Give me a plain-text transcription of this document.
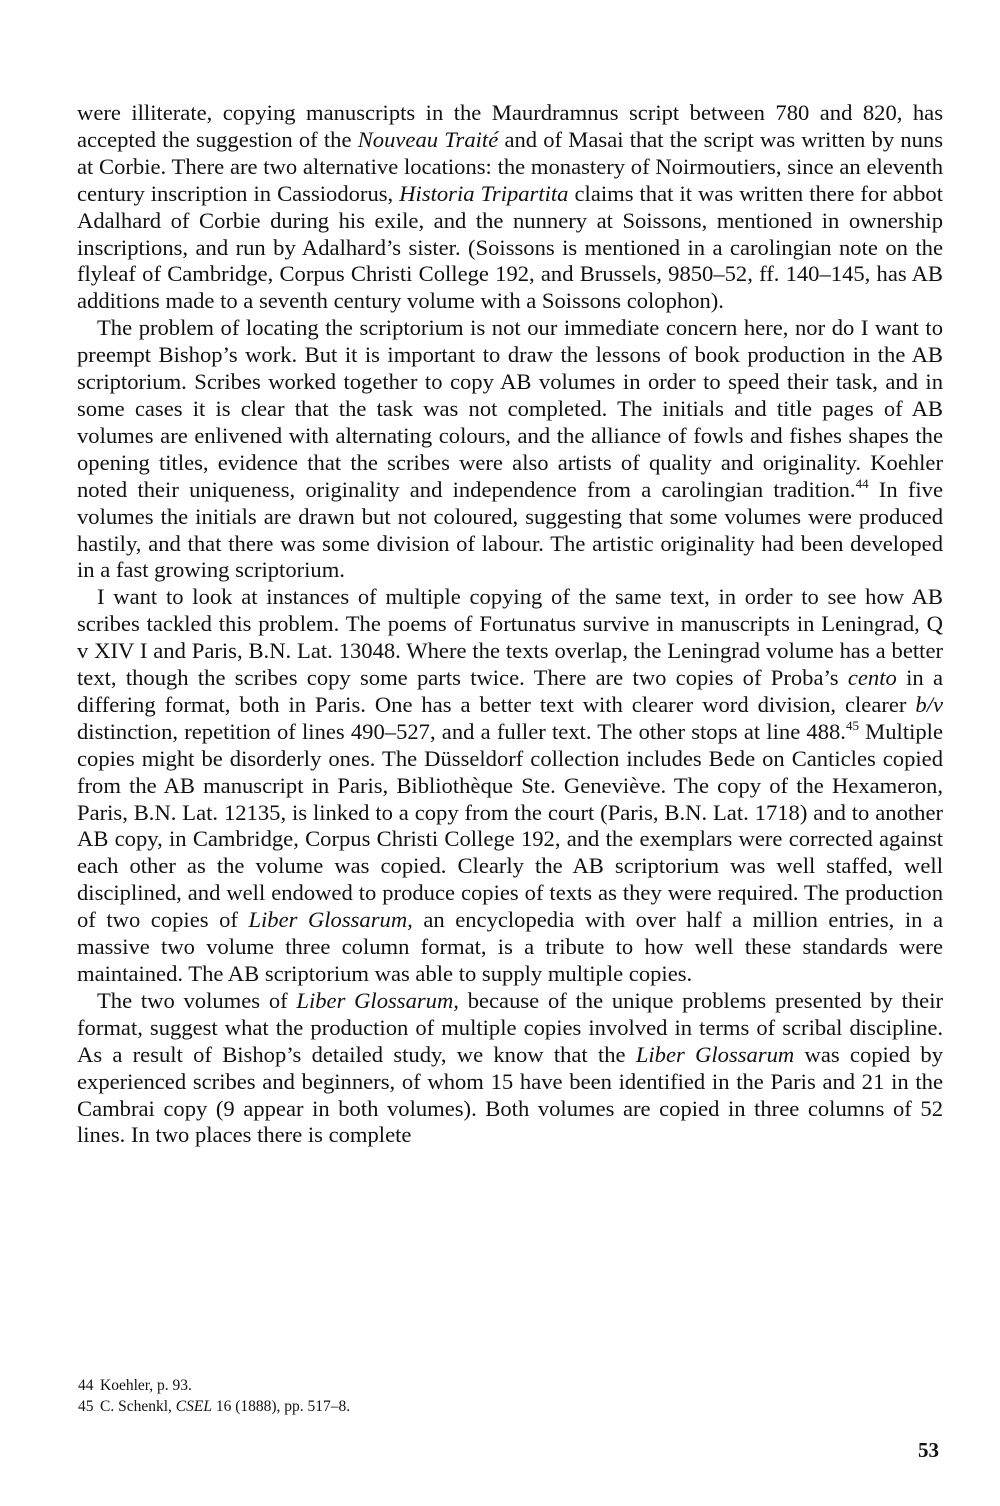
were illiterate, copying manuscripts in the Maurdramnus script between 780 and 820, has accepted the suggestion of the Nouveau Traité and of Masai that the script was written by nuns at Corbie. There are two alternative locations: the monastery of Noirmoutiers, since an eleventh century inscription in Cassiodorus, Historia Tripartita claims that it was written there for abbot Adalhard of Corbie during his exile, and the nunnery at Soissons, mentioned in ownership inscriptions, and run by Adalhard’s sister. (Soissons is mentioned in a carolingian note on the flyleaf of Cambridge, Corpus Christi College 192, and Brussels, 9850–52, ff. 140–145, has AB additions made to a seventh century volume with a Soissons colophon).

The problem of locating the scriptorium is not our immediate concern here, nor do I want to preempt Bishop’s work. But it is important to draw the lessons of book production in the AB scriptorium. Scribes worked together to copy AB volumes in order to speed their task, and in some cases it is clear that the task was not completed. The initials and title pages of AB volumes are enlivened with alternating colours, and the alliance of fowls and fishes shapes the opening titles, evidence that the scribes were also artists of quality and originality. Koehler noted their uniqueness, originality and independence from a carolingian tradition.$^{44}$ In five volumes the initials are drawn but not coloured, suggesting that some volumes were produced hastily, and that there was some division of labour. The artistic originality had been developed in a fast growing scriptorium.

I want to look at instances of multiple copying of the same text, in order to see how AB scribes tackled this problem. The poems of Fortunatus survive in manuscripts in Leningrad, Q v XIV I and Paris, B.N. Lat. 13048. Where the texts overlap, the Leningrad volume has a better text, though the scribes copy some parts twice. There are two copies of Proba’s cento in a differing format, both in Paris. One has a better text with clearer word division, clearer b/v distinction, repetition of lines 490–527, and a fuller text. The other stops at line 488.45 Multiple copies might be disorderly ones. The Düsseldorf collection includes Bede on Canticles copied from the AB manuscript in Paris, Bibliothèque Ste. Geneviève. The copy of the Hexameron, Paris, B.N. Lat. 12135, is linked to a copy from the court (Paris, B.N. Lat. 1718) and to another AB copy, in Cambridge, Corpus Christi College 192, and the exemplars were corrected against each other as the volume was copied. Clearly the AB scriptorium was well staffed, well disciplined, and well endowed to produce copies of texts as they were required. The production of two copies of Liber Glossarum, an encyclopedia with over half a million entries, in a massive two volume three column format, is a tribute to how well these standards were maintained. The AB scriptorium was able to supply multiple copies.

The two volumes of Liber Glossarum, because of the unique problems presented by their format, suggest what the production of multiple copies involved in terms of scribal discipline. As a result of Bishop’s detailed study, we know that the Liber Glossarum was copied by experienced scribes and beginners, of whom 15 have been identified in the Paris and 21 in the Cambrai copy (9 appear in both volumes). Both volumes are copied in three columns of 52 lines. In two places there is complete

44 Koehler, p. 93.

45 C. Schenkl, CSEL 16 (1888), pp. 517–8.

53
